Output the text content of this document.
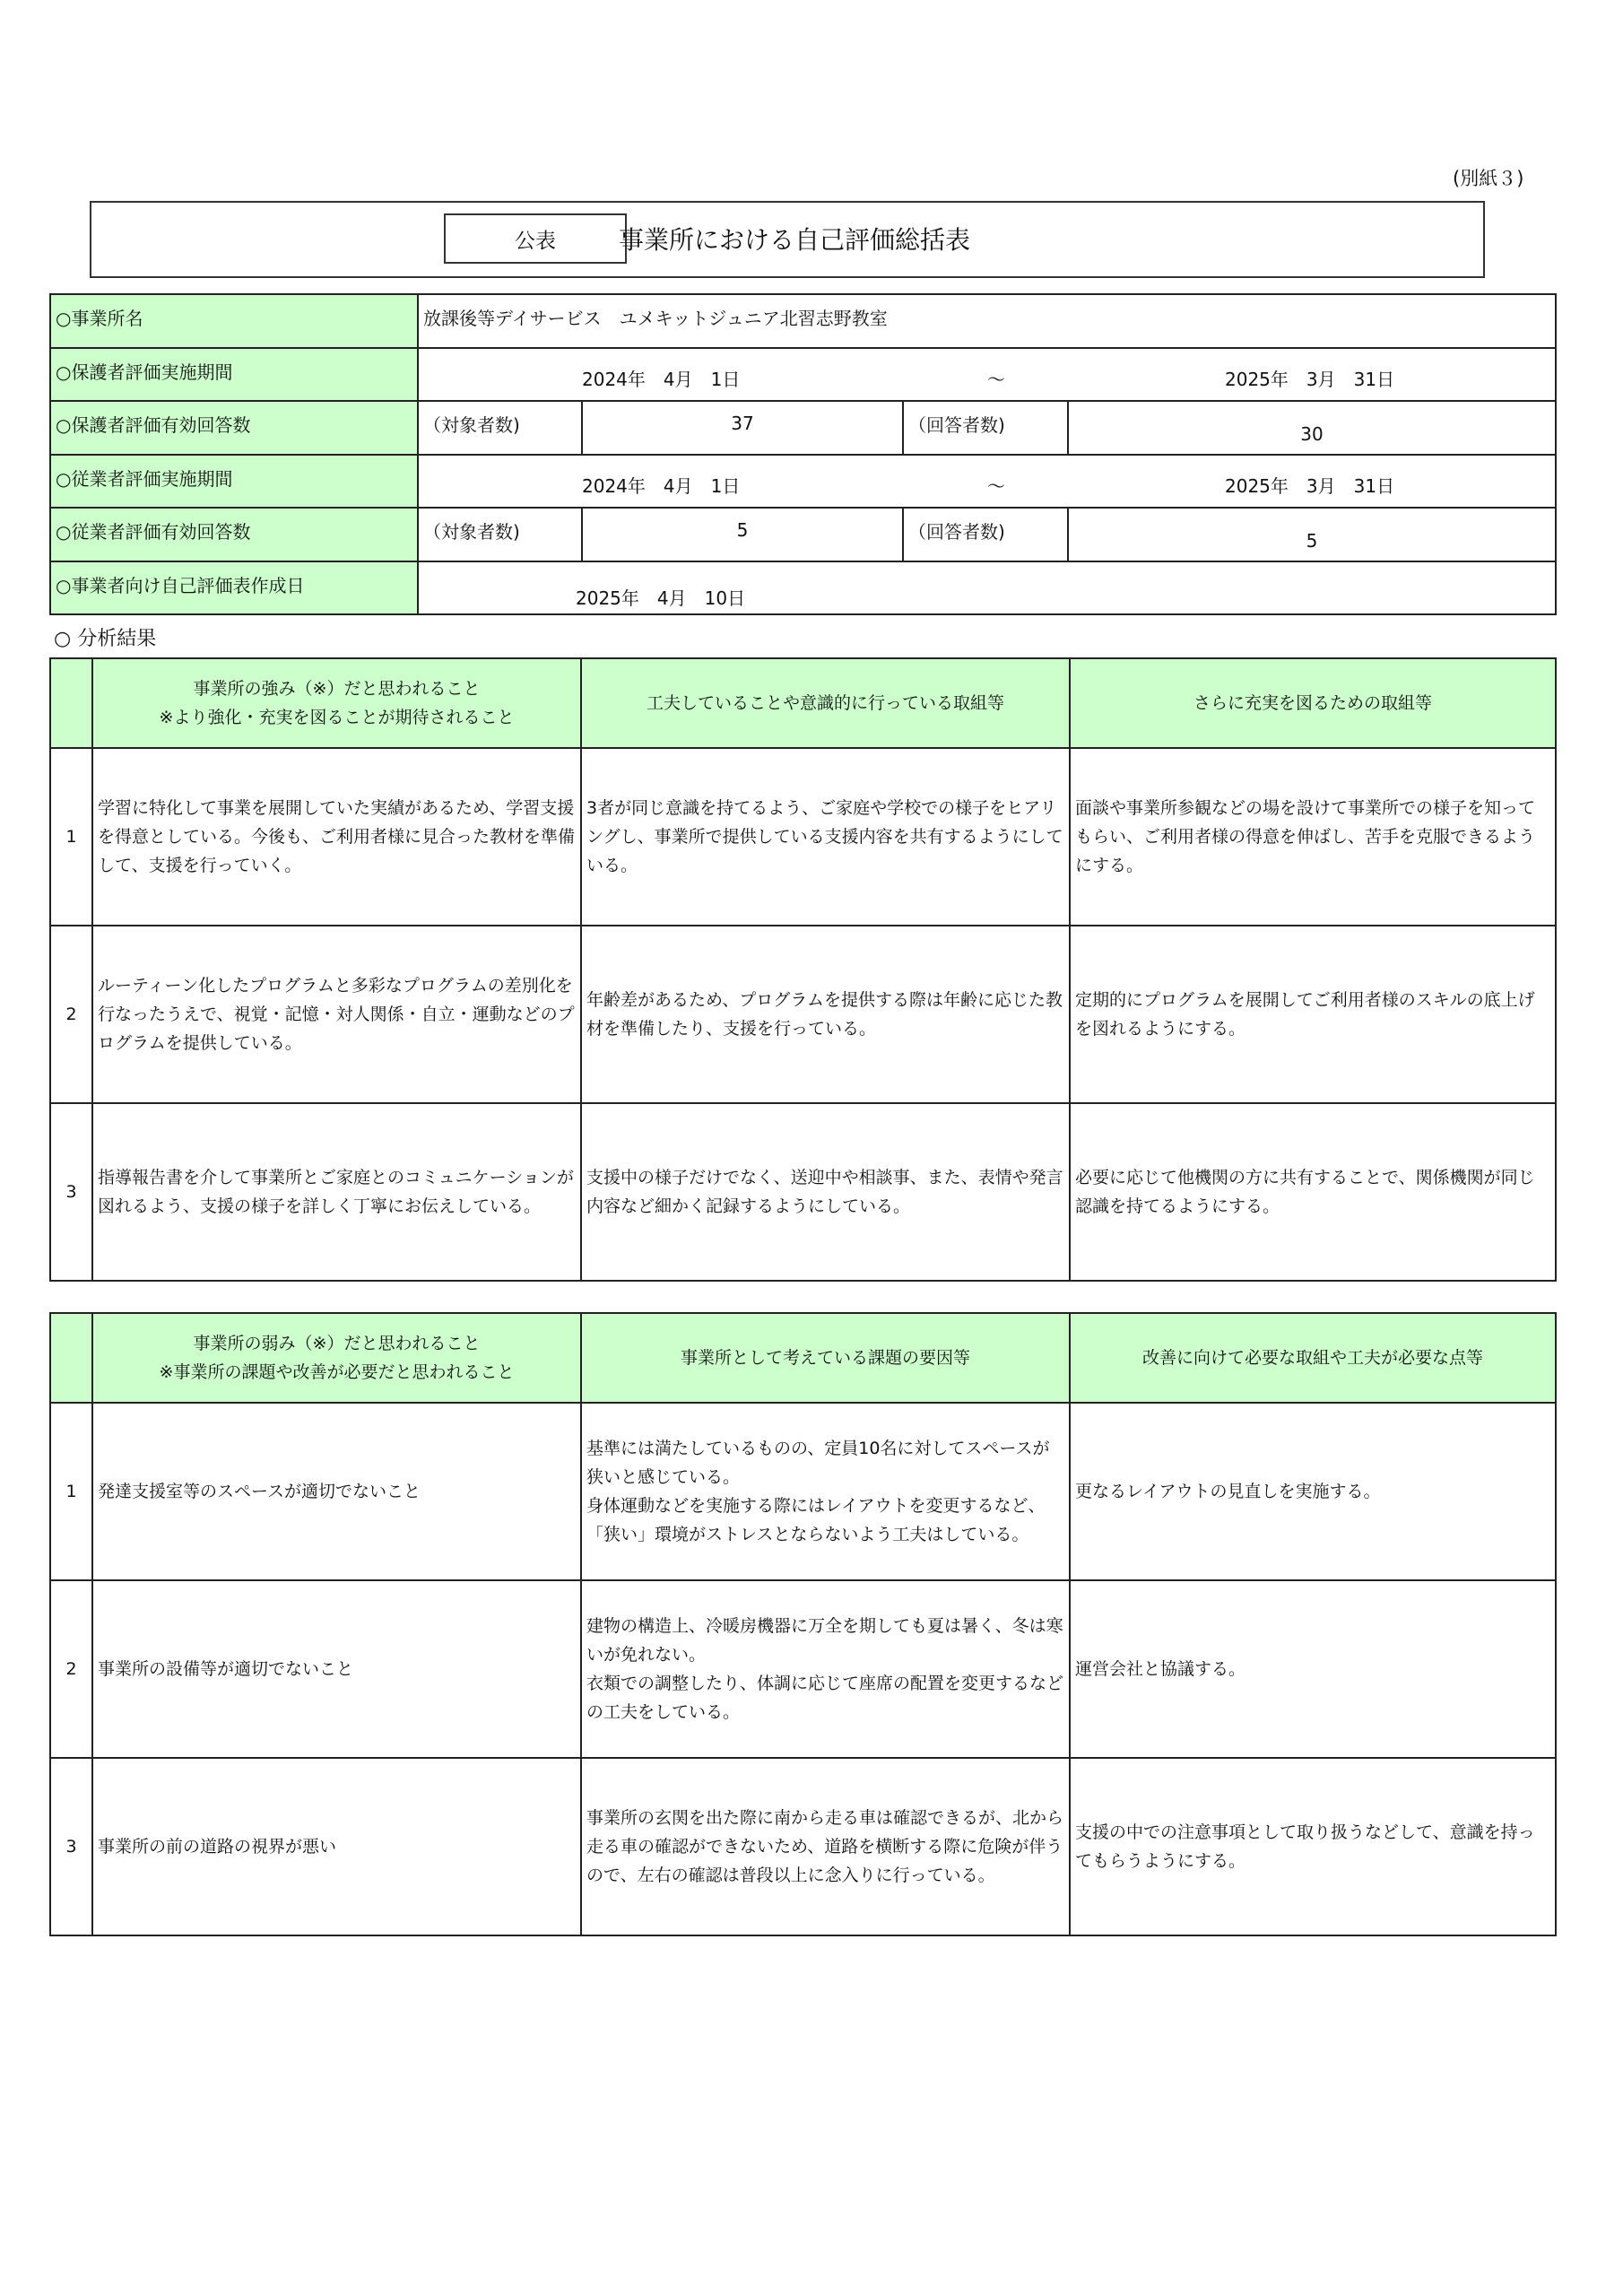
(別紙３)
公表	事業所における自己評価総括表
○事業所名	放課後等デイサービス　ユメキットジュニア北習志野教室			
○保護者評価実施期間	2024年　4月　1日 ～ 2025年　3月　31日			

○保護者評価有効回答数	（対象者数)	37	（回答者数)	30
○従業者評価実施期間	2024年　4月　1日 ～ 2025年　3月　31日			

○従業者評価有効回答数	（対象者数)	5	（回答者数)	5
○事業者向け自己評価表作成日	2025年　4月　10日			
○ 分析結果

	事業所の強み（※）だと思われること
※より強化・充実を図ることが期待されること	工夫していることや意識的に行っている取組等	さらに充実を図るための取組等
1	学習に特化して事業を展開していた実績があるため、学習支援を得意としている。今後も、ご利用者様に見合った教材を準備して、支援を行っていく。	3者が同じ意識を持てるよう、ご家庭や学校での様子をヒアリングし、事業所で提供している支援内容を共有するようにしている。	面談や事業所参観などの場を設けて事業所での様子を知ってもらい、ご利用者様の得意を伸ばし、苦手を克服できるようにする。
2	ルーティーン化したプログラムと多彩なプログラムの差別化を行なったうえで、視覚・記憶・対人関係・自立・運動などのプログラムを提供している。	年齢差があるため、プログラムを提供する際は年齢に応じた教材を準備したり、支援を行っている。	定期的にプログラムを展開してご利用者様のスキルの底上げを図れるようにする。
3	指導報告書を介して事業所とご家庭とのコミュニケーションが図れるよう、支援の様子を詳しく丁寧にお伝えしている。	支援中の様子だけでなく、送迎中や相談事、また、表情や発言内容など細かく記録するようにしている。	必要に応じて他機関の方に共有することで、関係機関が同じ認識を持てるようにする。

	事業所の弱み（※）だと思われること
※事業所の課題や改善が必要だと思われること	事業所として考えている課題の要因等	改善に向けて必要な取組や工夫が必要な点等
1	発達支援室等のスペースが適切でないこと	基準には満たしているものの、定員10名に対してスペースが狭いと感じている。
身体運動などを実施する際にはレイアウトを変更するなど、「狭い」環境がストレスとならないよう工夫はしている。	更なるレイアウトの見直しを実施する。
2	事業所の設備等が適切でないこと	建物の構造上、冷暖房機器に万全を期しても夏は暑く、冬は寒いが免れない。
衣類での調整したり、体調に応じて座席の配置を変更するなどの工夫をしている。	運営会社と協議する。
3	事業所の前の道路の視界が悪い	事業所の玄関を出た際に南から走る車は確認できるが、北から走る車の確認ができないため、道路を横断する際に危険が伴うので、左右の確認は普段以上に念入りに行っている。	支援の中での注意事項として取り扱うなどして、意識を持ってもらうようにする。
